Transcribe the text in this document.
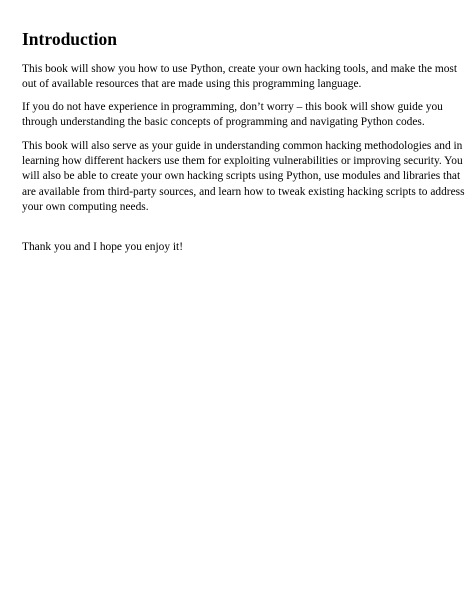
Introduction

This book will show you how to use Python, create your own hacking tools, and make the most
out of available resources that are made using this programming language.

If you do not have experience in programming, don’t worry – this book will show guide you
through understanding the basic concepts of programming and navigating Python codes.

This book will also serve as your guide in understanding common hacking methodologies and in
learning how different hackers use them for exploiting vulnerabilities or improving security. You
will also be able to create your own hacking scripts using Python, use modules and libraries that
are available from third-party sources, and learn how to tweak existing hacking scripts to address
your own computing needs.

Thank you and I hope you enjoy it!
